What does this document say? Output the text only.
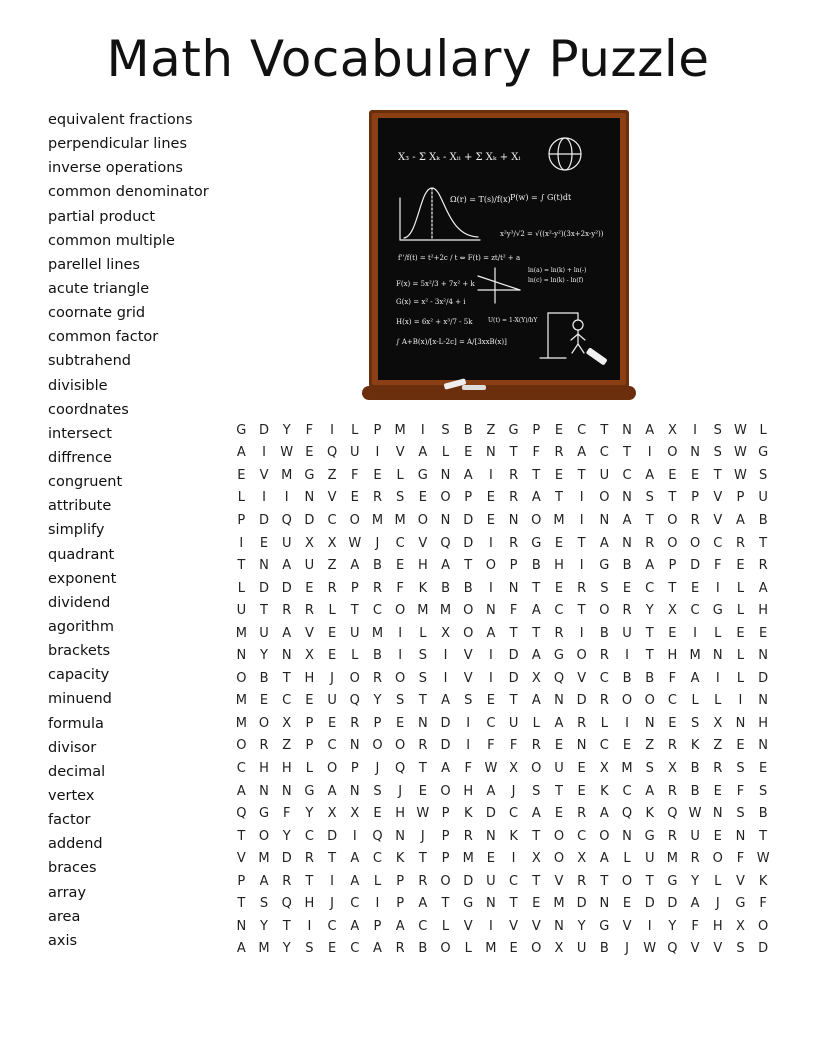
Math Vocabulary Puzzle
equivalent fractions
perpendicular lines
inverse operations
common denominator
partial product
common multiple
parellel lines
acute triangle
coornate grid
common factor
subtrahend
divisible
coordnates
intersect
diffrence
congruent
attribute
simplify
quadrant
exponent
dividend
agorithm
brackets
capacity
minuend
formula
divisor
decimal
vertex
factor
addend
braces
array
area
axis
X₃ - Σ Xₖ - Xᵢᵢ + Σ Xₖ + Xᵢ
Ω(r) = T(s)/f(x) P(w) = ∫ G(t)dt
x²y³/√2 = √((x²-y²)(3x+2x-y²))
f''/f(t) = t²+2c / t ⇔ F(t) = zt/t² + a
F(x) = 5x²/3 + 7x² + k
ln(a) = ln(k) + ln(-)
ln(c) = ln(k) - ln(f)
G(x) = x² - 3x²/4 + i
H(x) = 6x² + x³/7 - 5k	U(t) = 1-X(Y)/bY
∫ A+B(x)/[x-L-2c] = A/[3xxB(x)]
G D	Y	F	I	L	P	M	I	S	B	Z	G	P	E	C	T	N	A	X	I	S W L
A	I	W E	Q U	I	V	A	L	E	N	T	F	R	A	C	T	I	O N	S W G
E	V M G	Z	F	E	L	G N	A	I	R	T	E	T	U	C	A	E	E	T W S
L	I	I	N	V	E	R	S	E	O	P	E	R	A	T	I	O N	S	T	P	V	P	U
P	D Q D	C	O M M O N D	E	N O M	I	N	A	T	O	R	V	A	B
I	E	U	X	X W	J	C	V	Q D	I	R	G	E	T	A	N	R	O O	C	R	T
T	N	A	U	Z	A	B	E	H	A	T	O	P	B	H	I	G	B	A	P	D	F	E	R
L	D D	E	R	P	R	F	K	B	B	I	N	T	E	R	S	E	C	T	E	I	L	A
U	T	R	R	L	T	C	O M M O N	F	A	C	T	O	R	Y	X	C	G	L	H
M U	A	V	E	U M	I	L	X	O	A	T	T	R	I	B	U	T	E	I	L	E	E
N	Y	N	X	E	L	B	I	S	I	V	I	D	A	G O	R	I	T	H M N	L	N
O	B	T	H	J	O	R	O	S	I	V	I	D	X	Q	V	C	B	B	F	A	I	L	D
M E	C	E	U Q	Y	S	T	A	S	E	T	A	N D	R	O O	C	L	L	I	N
M O	X	P	E	R	P	E	N D	I	C	U	L	A	R	L	I	N	E	S	X	N H
O	R	Z	P	C	N O O	R	D	I	F	F	R	E	N	C	E	Z	R	K	Z	E	N
C	H H	L	O	P	J	Q	T	A	F W X	O U	E	X M S	X	B	R	S	E
A	N N G	A	N	S	J	E	O H	A	J	S	T	E	K	C	A	R	B	E	F	S
Q G	F	Y	X	X	E	H W P	K	D	C	A	E	R	A	Q	K	Q W N	S	B
T	O	Y	C	D	I	Q N	J	P	R	N	K	T	O	C	O N G	R	U	E	N	T
V M D	R	T	A	C	K	T	P	M E	I	X	O	X	A	L	U M R	O	F W
P	A	R	T	I	A	L	P	R	O D U	C	T	V	R	T	O	T	G	Y	L	V	K
T	S	Q H	J	C	I	P	A	T	G N	T	E M D N	E	D D	A	J	G	F
N	Y	T	I	C	A	P	A	C	L	V	I	V	V	N	Y	G	V	I	Y	F	H	X	O
A M	Y	S	E	C	A	R	B	O	L	M E	O	X	U	B	J	W Q	V	V	S	D
